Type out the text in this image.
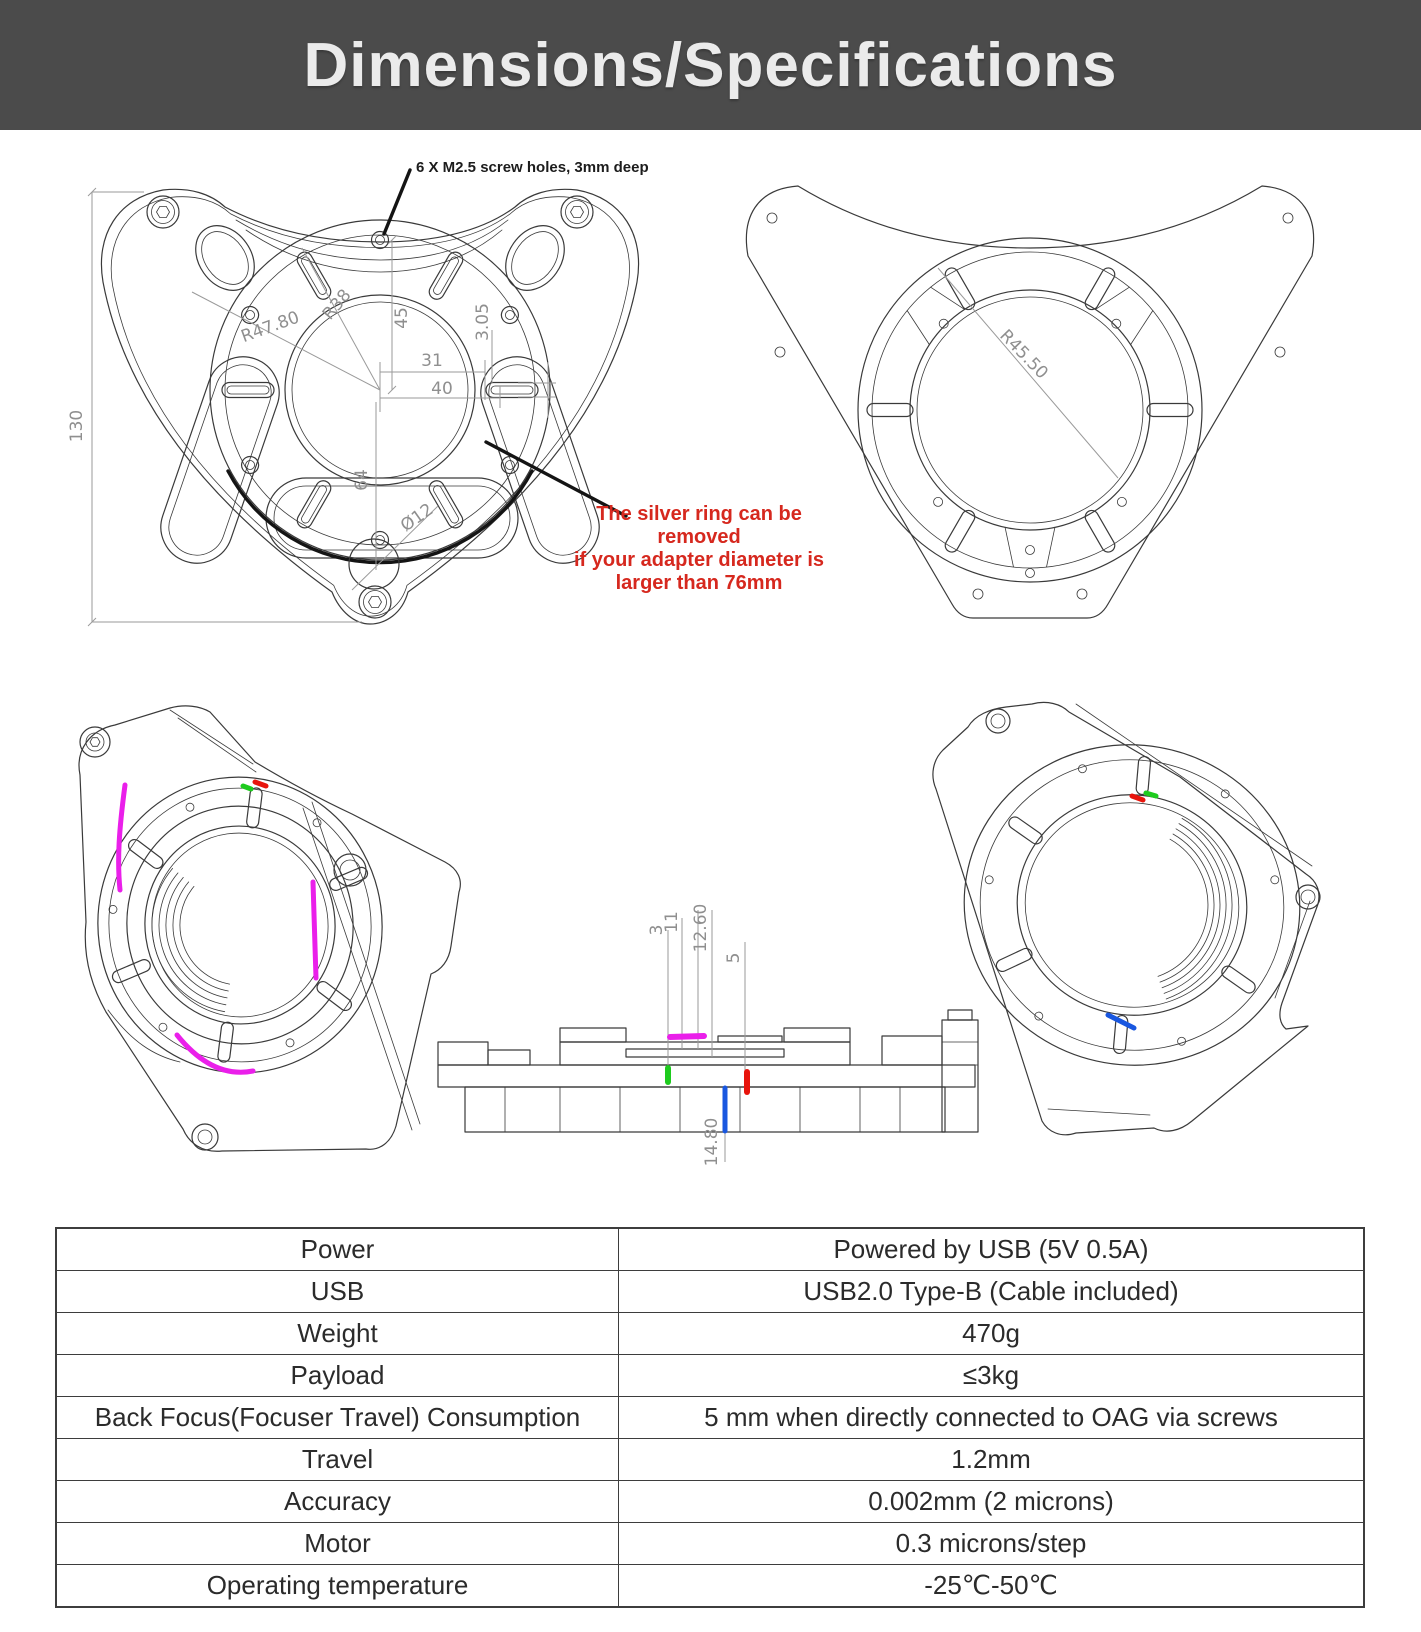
Dimensions/Specifications
130
45
R47.80
R38	3.05
31
40
64
Ø12
6 X M2.5 screw holes, 3mm deep
The silver ring can be removed
if your adapter diameter is
larger than 76mm
R45.50
3
11 12.60
5
14.80
Power	Powered by USB (5V 0.5A)
USB	USB2.0 Type-B (Cable included)
Weight	470g
Payload	≤3kg
Back Focus(Focuser Travel) Consumption	5 mm when directly connected to OAG via screws
Travel	1.2mm
Accuracy	0.002mm (2 microns)
Motor	0.3 microns/step
Operating temperature	-25℃-50℃
